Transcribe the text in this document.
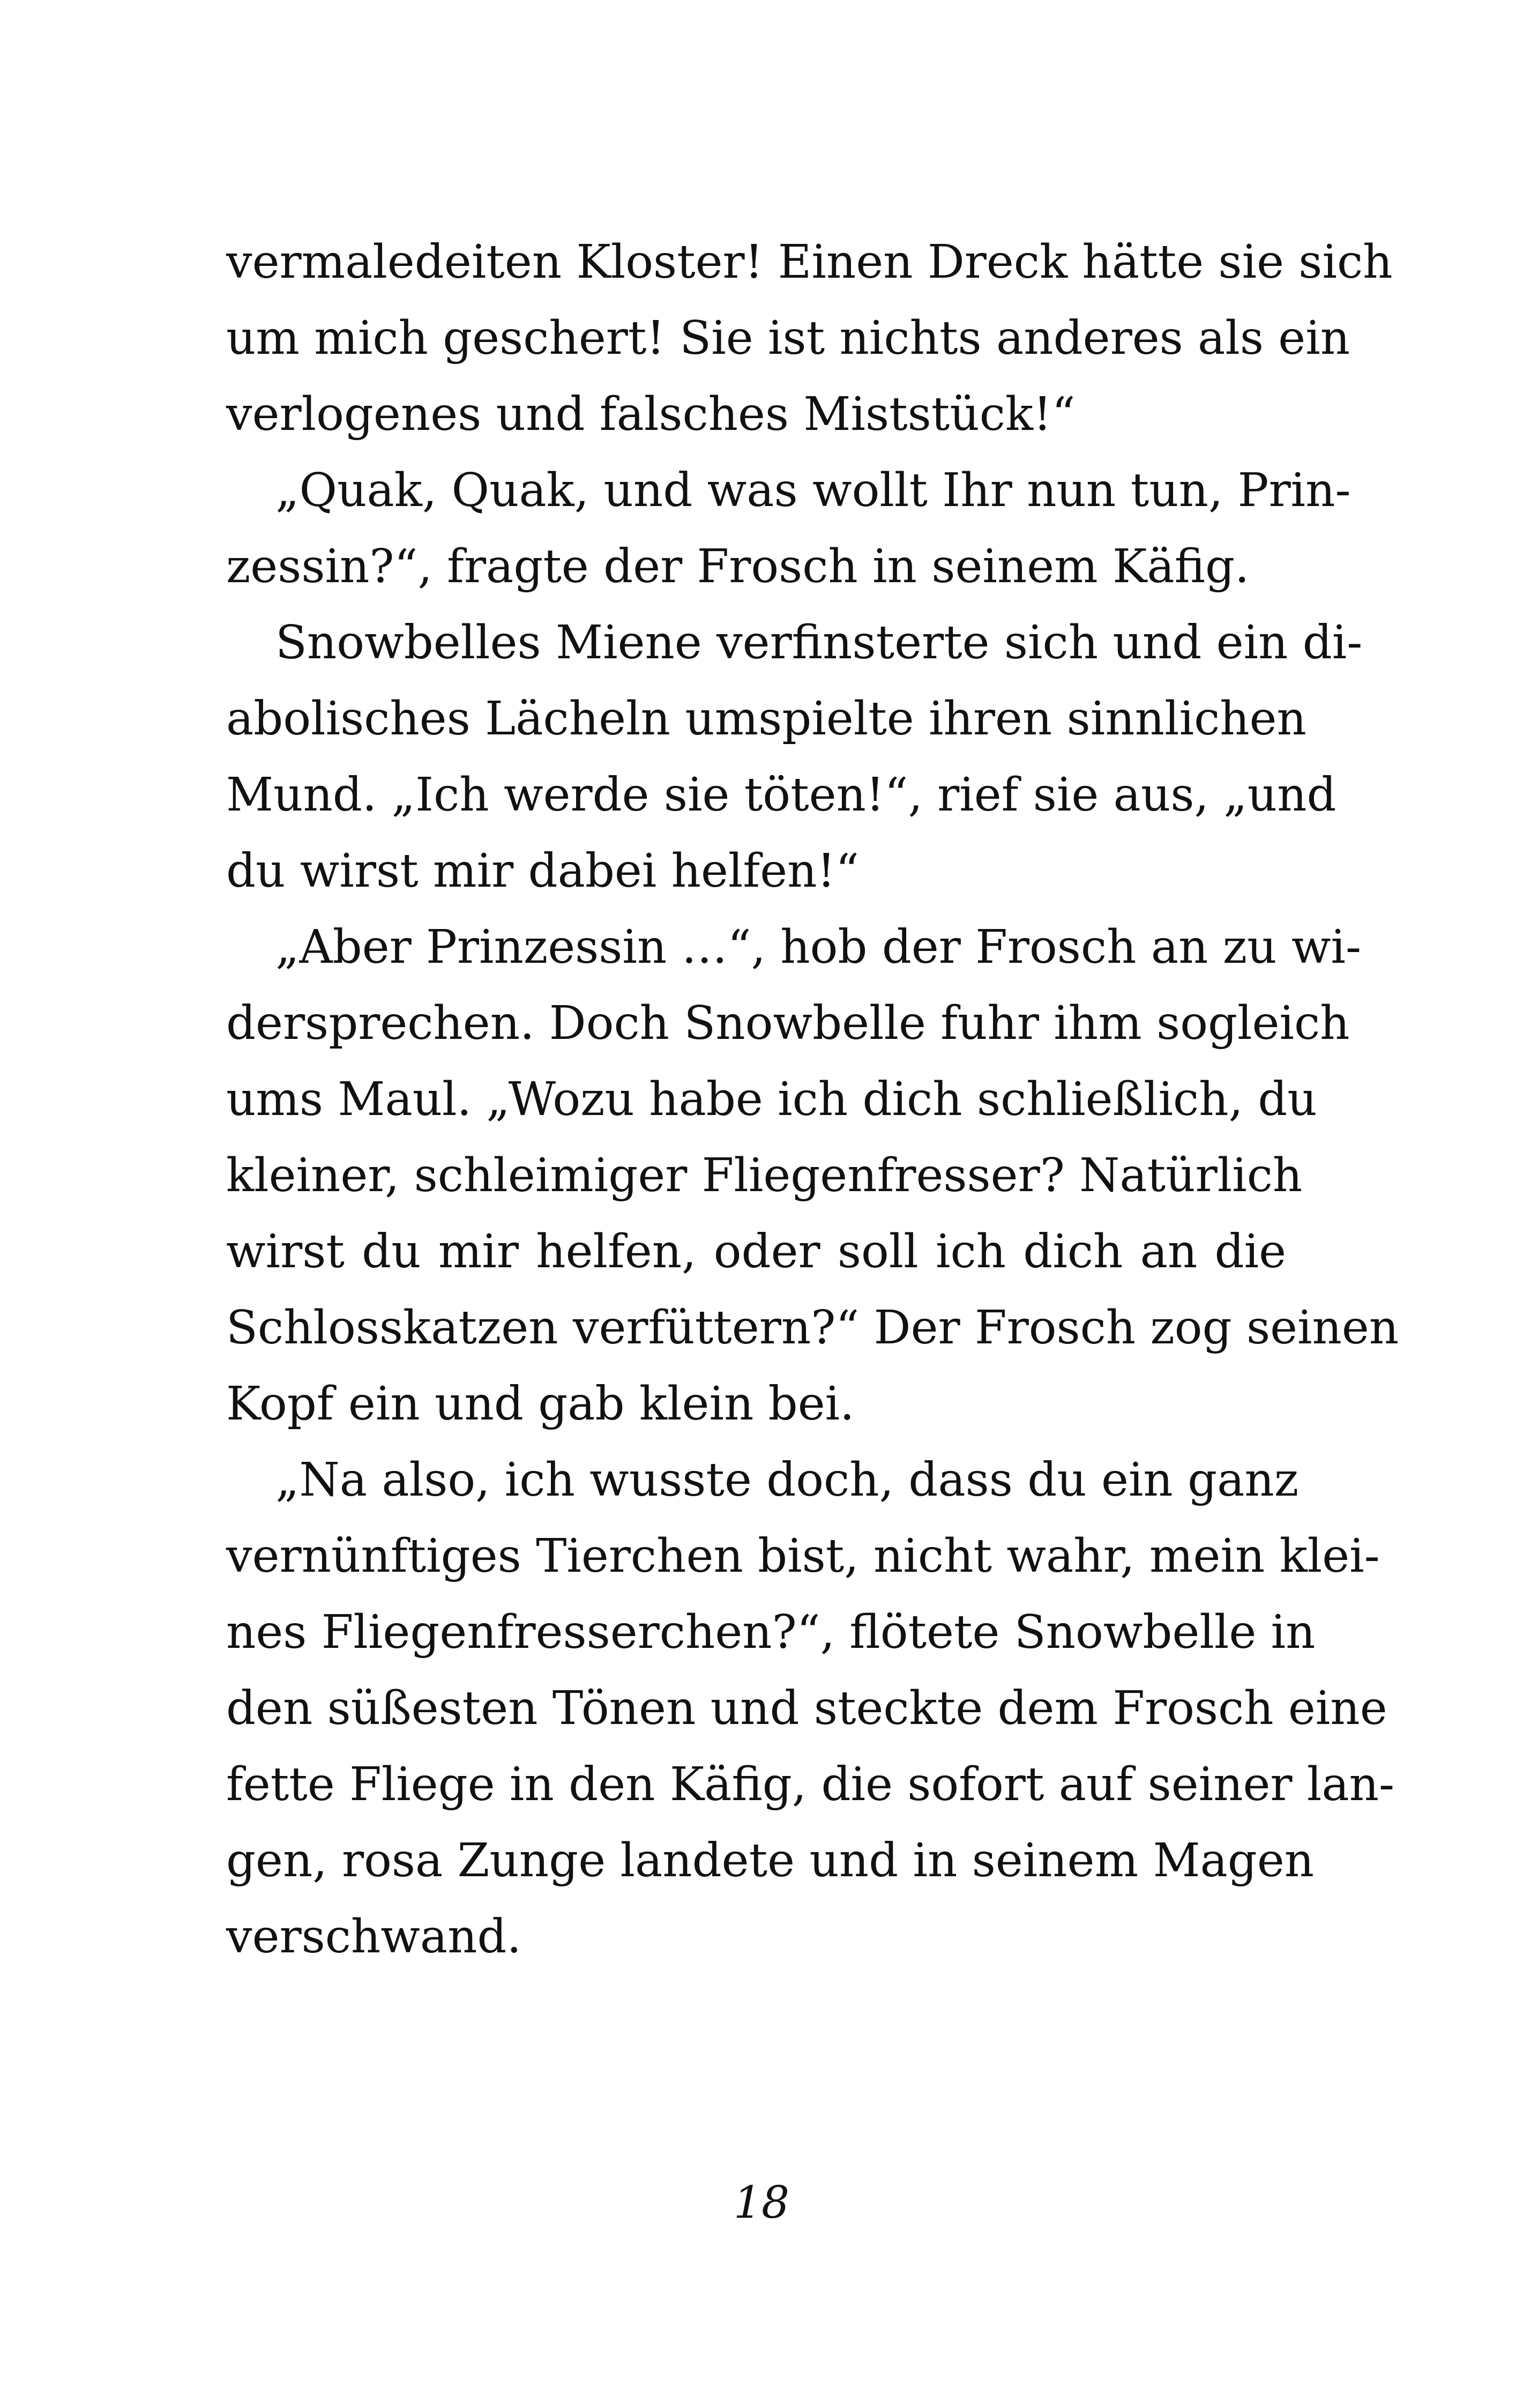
vermaledeiten Kloster! Einen Dreck hätte sie sich
um mich geschert! Sie ist nichts anderes als ein
verlogenes und falsches Miststück!“
„Quak, Quak, und was wollt Ihr nun tun, Prin-
zessin?“, fragte der Frosch in seinem Käfig.
Snowbelles Miene verfinsterte sich und ein di-
abolisches Lächeln umspielte ihren sinnlichen
Mund. „Ich werde sie töten!“, rief sie aus, „und
du wirst mir dabei helfen!“
„Aber Prinzessin …“, hob der Frosch an zu wi-
dersprechen. Doch Snowbelle fuhr ihm sogleich
ums Maul. „Wozu habe ich dich schließlich, du
kleiner, schleimiger Fliegenfresser? Natürlich
wirst du mir helfen, oder soll ich dich an die
Schlosskatzen verfüttern?“ Der Frosch zog seinen
Kopf ein und gab klein bei.
„Na also, ich wusste doch, dass du ein ganz
vernünftiges Tierchen bist, nicht wahr, mein klei-
nes Fliegenfresserchen?“, flötete Snowbelle in
den süßesten Tönen und steckte dem Frosch eine
fette Fliege in den Käfig, die sofort auf seiner lan-
gen, rosa Zunge landete und in seinem Magen
verschwand.
18
